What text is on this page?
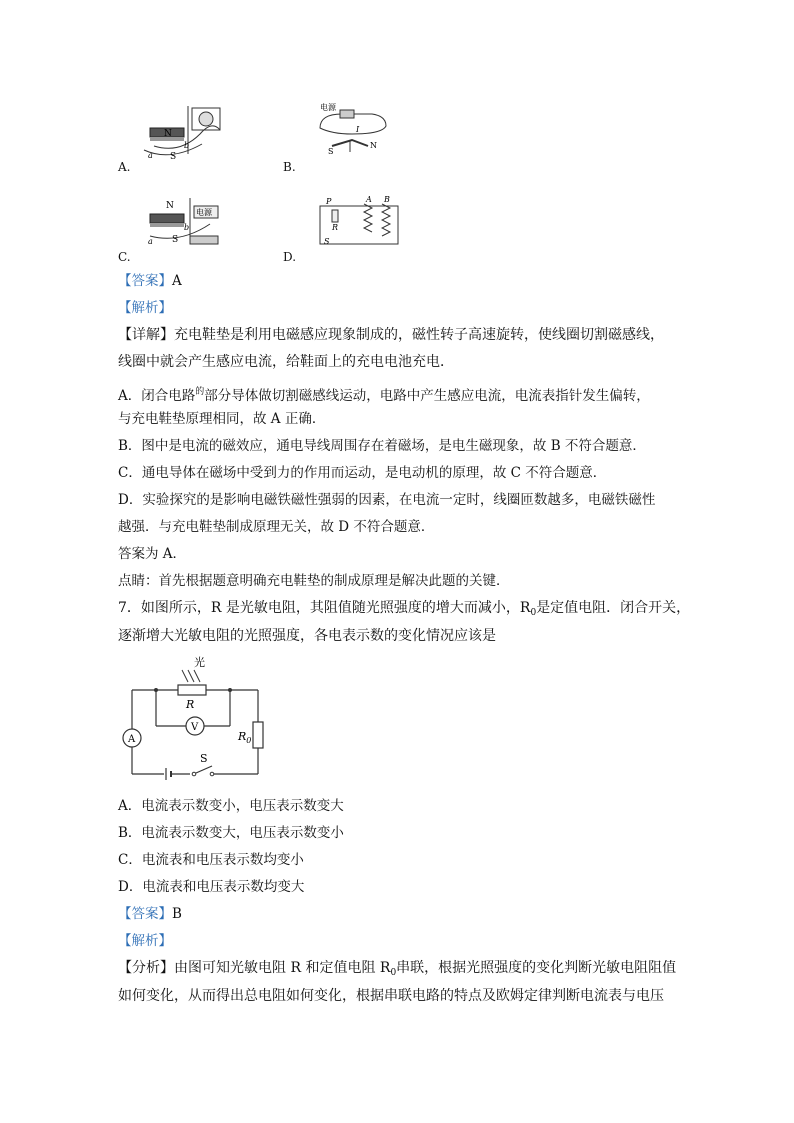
N
S
a
b
电源
I
S
N
电源
N
S
a
b
P
R
S
A B
A.	B.
C.	D.
【答案】A
【解析】
【详解】充电鞋垫是利用电磁感应现象制成的，磁性转子高速旋转，使线圈切割磁感线，
线圈中就会产生感应电流，给鞋面上的充电电池充电．
A．闭合电路$^的$部分导体做切割磁感线运动，电路中产生感应电流，电流表指针发生偏转，
与充电鞋垫原理相同，故 A 正确．
B．图中是电流的磁效应，通电导线周围存在着磁场，是电生磁现象，故 B 不符合题意．
C．通电导体在磁场中受到力的作用而运动，是电动机的原理，故 C 不符合题意．
D．实验探究的是影响电磁铁磁性强弱的因素，在电流一定时，线圈匝数越多，电磁铁磁性
越强．与充电鞋垫制成原理无关，故 D 不符合题意．
答案为 A．
点睛：首先根据题意明确充电鞋垫的制成原理是解决此题的关键．
7．如图所示，R 是光敏电阻，其阻值随光照强度的增大而减小，$R_0$是定值电阻．闭合开关，
逐渐增大光敏电阻的光照强度，各电表示数的变化情况应该是
光
R
V
A	$R_0$
S
A．电流表示数变小，电压表示数变大
B．电流表示数变大，电压表示数变小
C．电流表和电压表示数均变小
D．电流表和电压表示数均变大
【答案】B
【解析】
【分析】由图可知光敏电阻 R 和定值电阻 $R_0$串联，根据光照强度的变化判断光敏电阻阻值
如何变化，从而得出总电阻如何变化，根据串联电路的特点及欧姆定律判断电流表与电压
